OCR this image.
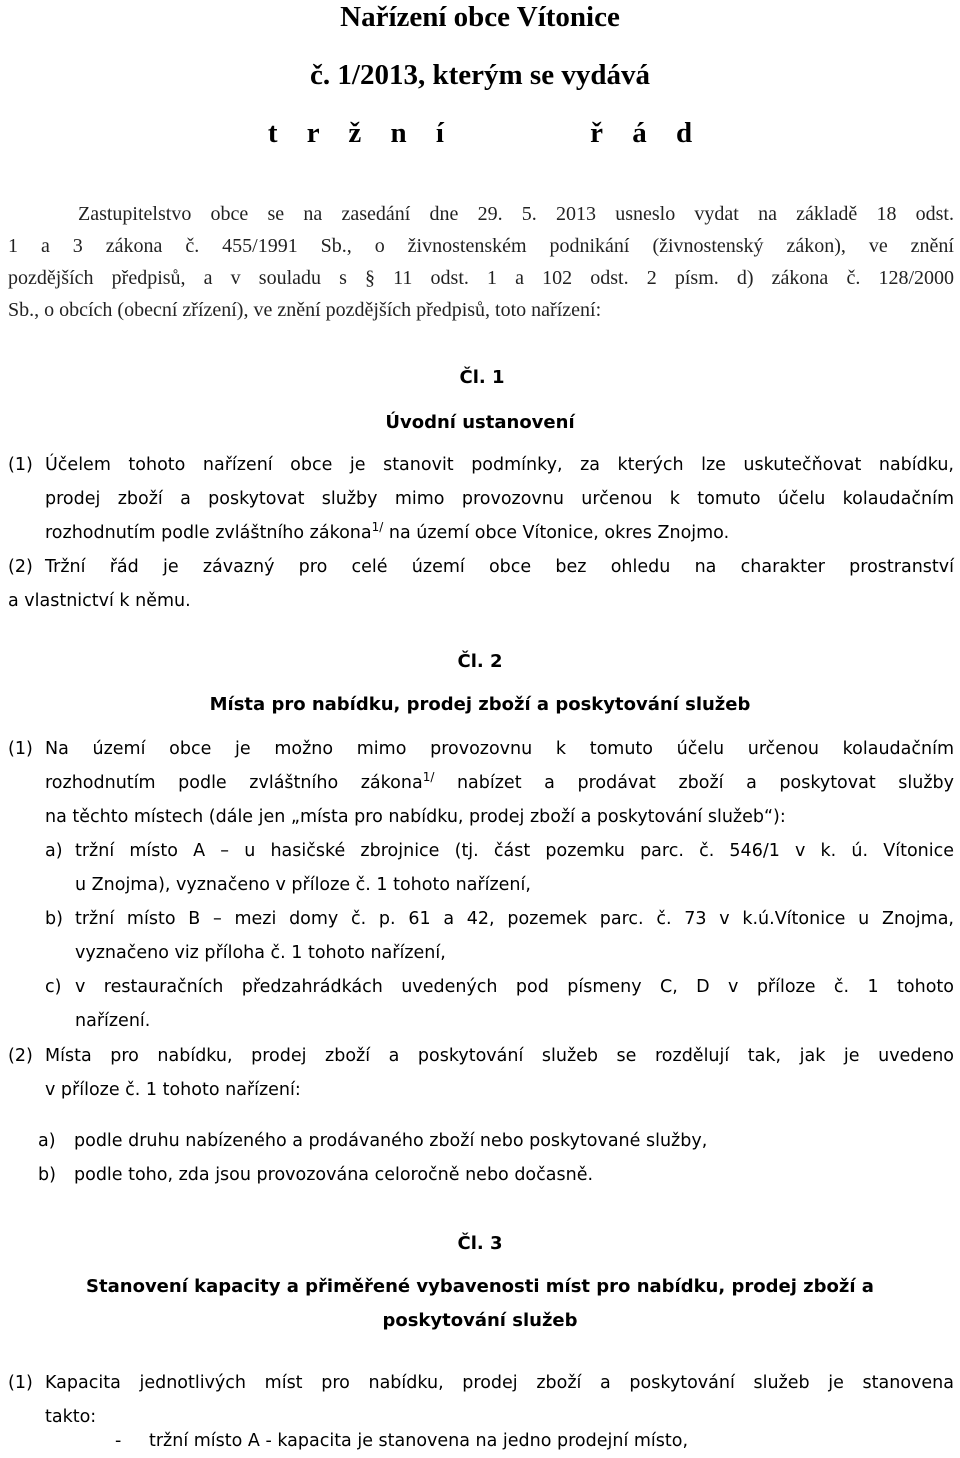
Nařízení obce Vítonice
č. 1/2013, kterým se vydává
t r ž n í	ř á d
Zastupitelstvo obce se na zasedání dne 29. 5. 2013 usneslo vydat na základě 18 odst.
1 a 3 zákona č. 455/1991 Sb., o živnostenském podnikání (živnostenský zákon), ve znění
pozdějších předpisů, a v souladu s § 11 odst. 1 a 102 odst. 2 písm. d) zákona č. 128/2000
Sb., o obcích (obecní zřízení), ve znění pozdějších předpisů, toto nařízení:
Čl. 1
Úvodní ustanovení
(1) Účelem tohoto nařízení obce je stanovit podmínky, za kterých lze uskutečňovat nabídku,
prodej zboží a poskytovat služby mimo provozovnu určenou k tomuto účelu kolaudačním
rozhodnutím podle zvláštního zákona$^{1/}$ na území obce Vítonice, okres Znojmo.
(2) Tržní řád je závazný pro celé území obce bez ohledu na charakter prostranství
a vlastnictví k němu.
Čl. 2
Místa pro nabídku, prodej zboží a poskytování služeb
(1) Na území obce je možno mimo provozovnu k tomuto účelu určenou kolaudačním
rozhodnutím podle zvláštního zákona$^{1/}$ nabízet a prodávat zboží a poskytovat služby
na těchto místech (dále jen „místa pro nabídku, prodej zboží a poskytování služeb“):
a) tržní místo A – u hasičské zbrojnice (tj. část pozemku parc. č. 546/1 v k. ú. Vítonice
u Znojma), vyznačeno v příloze č. 1 tohoto nařízení,
b) tržní místo B – mezi domy č. p. 61 a 42, pozemek parc. č. 73 v k.ú.Vítonice u Znojma,
vyznačeno viz příloha č. 1 tohoto nařízení,
c) v restauračních předzahrádkách uvedených pod písmeny C, D v příloze č. 1 tohoto
nařízení.
(2) Místa pro nabídku, prodej zboží a poskytování služeb se rozdělují tak, jak je uvedeno
v příloze č. 1 tohoto nařízení:
a) podle druhu nabízeného a prodávaného zboží nebo poskytované služby,
b) podle toho, zda jsou provozována celoročně nebo dočasně.
Čl. 3
Stanovení kapacity a přiměřené vybavenosti míst pro nabídku, prodej zboží a
poskytování služeb
(1) Kapacita jednotlivých míst pro nabídku, prodej zboží a poskytování služeb je stanovena
takto:
- tržní místo A - kapacita je stanovena na jedno prodejní místo,
